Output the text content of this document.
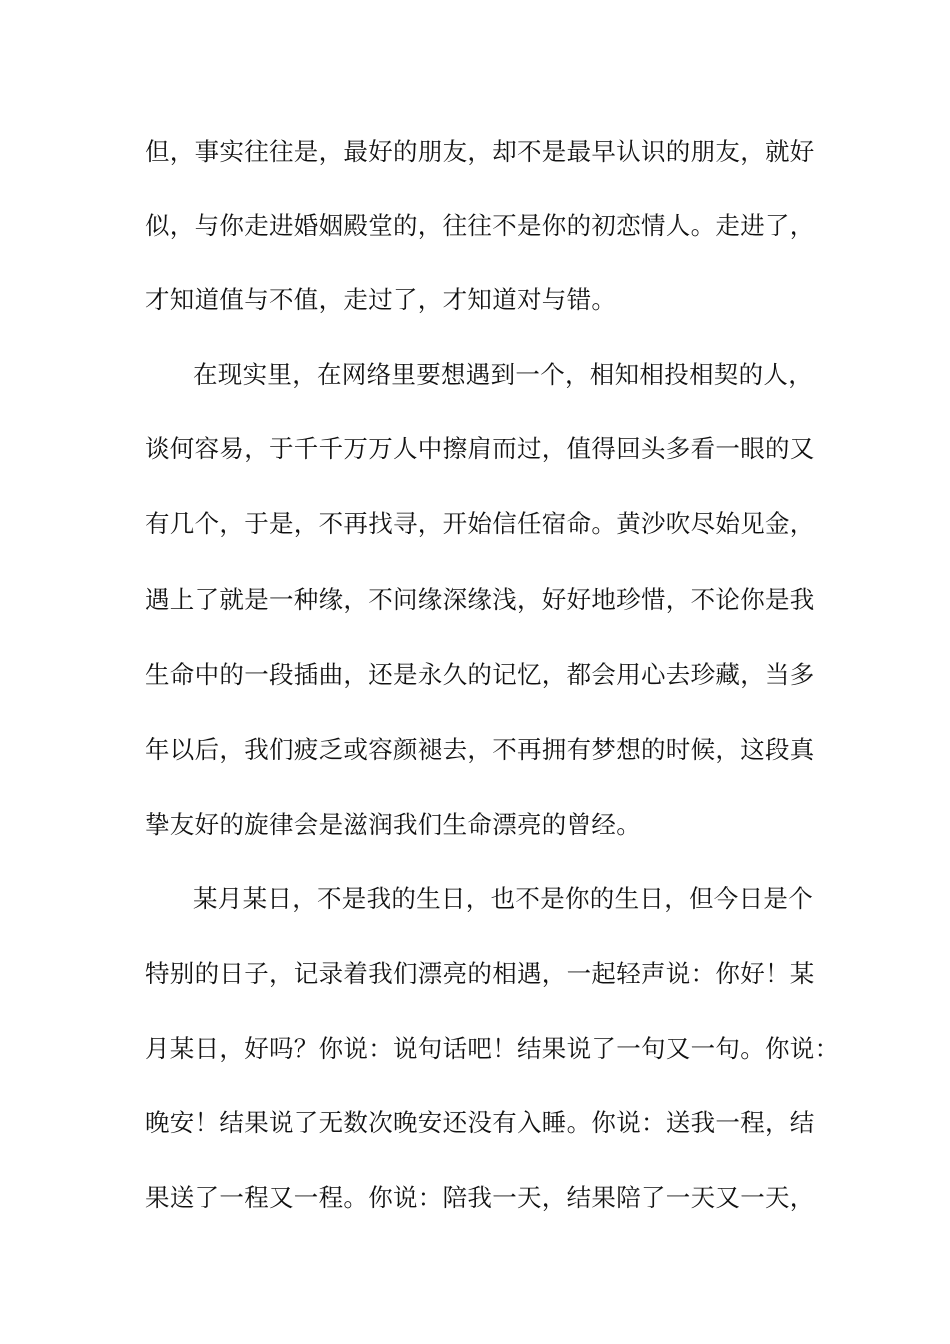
但，事实往往是，最好的朋友，却不是最早认识的朋友，就好
似，与你走进婚姻殿堂的，往往不是你的初恋情人。走进了，
才知道值与不值，走过了，才知道对与错。
在现实里，在网络里要想遇到一个，相知相投相契的人，
谈何容易，于千千万万人中擦肩而过，值得回头多看一眼的又
有几个，于是，不再找寻，开始信任宿命。黄沙吹尽始见金，
遇上了就是一种缘，不问缘深缘浅，好好地珍惜，不论你是我
生命中的一段插曲，还是永久的记忆，都会用心去珍藏，当多
年以后，我们疲乏或容颜褪去，不再拥有梦想的时候，这段真
挚友好的旋律会是滋润我们生命漂亮的曾经。
某月某日，不是我的生日，也不是你的生日，但今日是个
特别的日子，记录着我们漂亮的相遇，一起轻声说：你好！某
月某日，好吗？你说：说句话吧！结果说了一句又一句。你说：
晚安！结果说了无数次晚安还没有入睡。你说：送我一程，结
果送了一程又一程。你说：陪我一天，结果陪了一天又一天，
